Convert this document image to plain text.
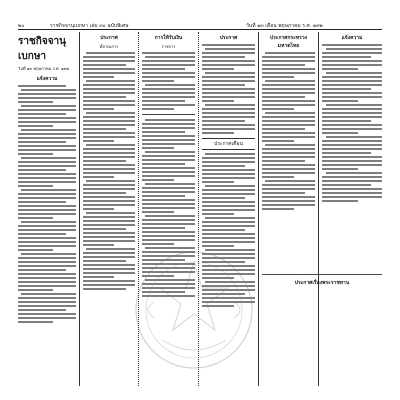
๒๐	ราชกิจจานุเบกษา เล่ม ๓๐ ฉบับพิเศษ	วันที่ ๑๓ เดือน พฤษภาคม ร.ศ. ๑๓๒
ราชกิจจานุเบกษา
วันที่ ๑๓ พฤษภาคม ร.ศ. ๑๓๒
แจ้งความ
ประกาศ
ตั้งกรมการ
การให้รับเงิน
ราชการ
ประกาศ
ประกาศเตือน
ประกาศกระทรวงมหาดไทย
แจ้งความ
ประกาศเรื่องพระราชทาน
